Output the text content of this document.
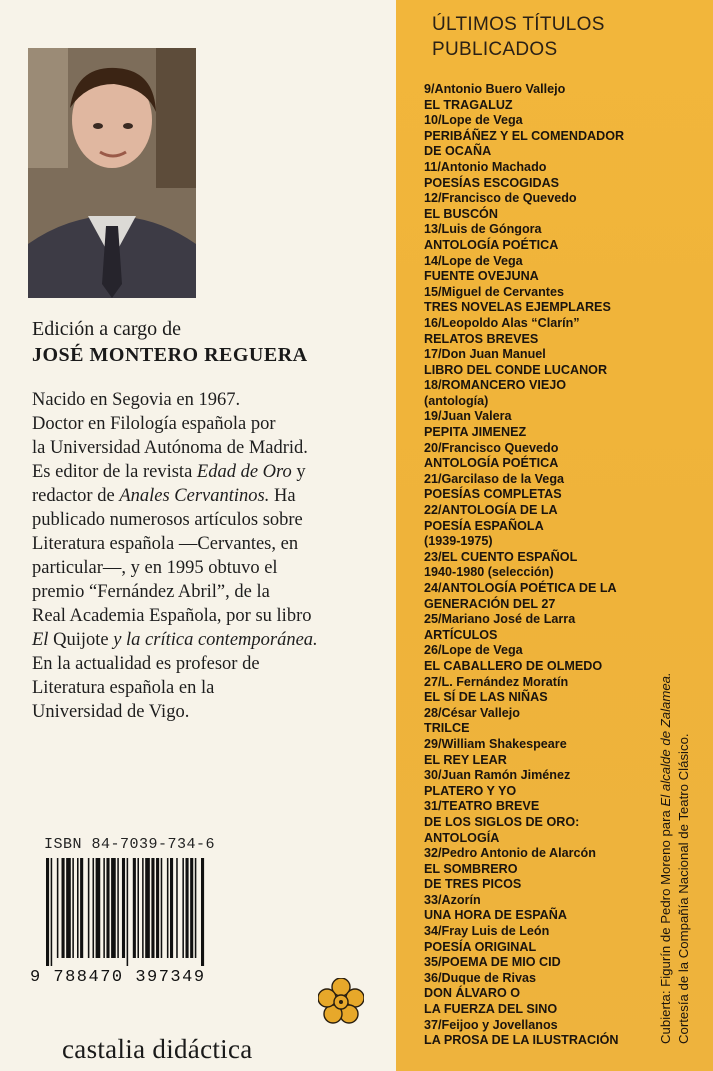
Edición a cargo de
JOSÉ MONTERO REGUERA

Nacido en Segovia en 1967.

Doctor en Filología española por

la Universidad Autónoma de Madrid.

Es editor de la revista Edad de Oro y

redactor de Anales Cervantinos. Ha

publicado numerosos artículos sobre

Literatura española —Cervantes, en

particular—, y en 1995 obtuvo el

premio “Fernández Abril”, de la

Real Academia Española, por su libro

El Quijote y la crítica contemporánea.

En la actualidad es profesor de

Literatura española en la

Universidad de Vigo.

ISBN 84-7039-734-6
9 788470 397349
castalia didáctica
ÚLTIMOS TÍTULOS
PUBLICADOS
9/Antonio Buero Vallejo
EL TRAGALUZ
10/Lope de Vega
PERIBÁÑEZ Y EL COMENDADOR
DE OCAÑA
11/Antonio Machado
POESÍAS ESCOGIDAS
12/Francisco de Quevedo
EL BUSCÓN
13/Luis de Góngora
ANTOLOGÍA POÉTICA
14/Lope de Vega
FUENTE OVEJUNA
15/Miguel de Cervantes
TRES NOVELAS EJEMPLARES
16/Leopoldo Alas “Clarín”
RELATOS BREVES
17/Don Juan Manuel
LIBRO DEL CONDE LUCANOR
18/ROMANCERO VIEJO
(antología)
19/Juan Valera
PEPITA JIMENEZ
20/Francisco Quevedo
ANTOLOGÍA POÉTICA
21/Garcilaso de la Vega
POESÍAS COMPLETAS
22/ANTOLOGÍA DE LA
POESÍA ESPAÑOLA
(1939-1975)
23/EL CUENTO ESPAÑOL
1940-1980 (selección)
24/ANTOLOGÍA POÉTICA DE LA
GENERACIÓN DEL 27
25/Mariano José de Larra
ARTÍCULOS
26/Lope de Vega
EL CABALLERO DE OLMEDO
27/L. Fernández Moratín
EL SÍ DE LAS NIÑAS
28/César Vallejo
TRILCE
29/William Shakespeare
EL REY LEAR
30/Juan Ramón Jiménez
PLATERO Y YO
31/TEATRO BREVE
DE LOS SIGLOS DE ORO:
ANTOLOGÍA
32/Pedro Antonio de Alarcón
EL SOMBRERO
DE TRES PICOS
33/Azorín
UNA HORA DE ESPAÑA
34/Fray Luis de León
POESÍA ORIGINAL
35/POEMA DE MIO CID
36/Duque de Rivas
DON ÁLVARO O
LA FUERZA DEL SINO
37/Feijoo y Jovellanos
LA PROSA DE LA ILUSTRACIÓN	Cubierta: Figurín de Pedro Moreno para El alcalde de Zalamea. Cortesía de la Compañía Nacional de Teatro Clásico.
